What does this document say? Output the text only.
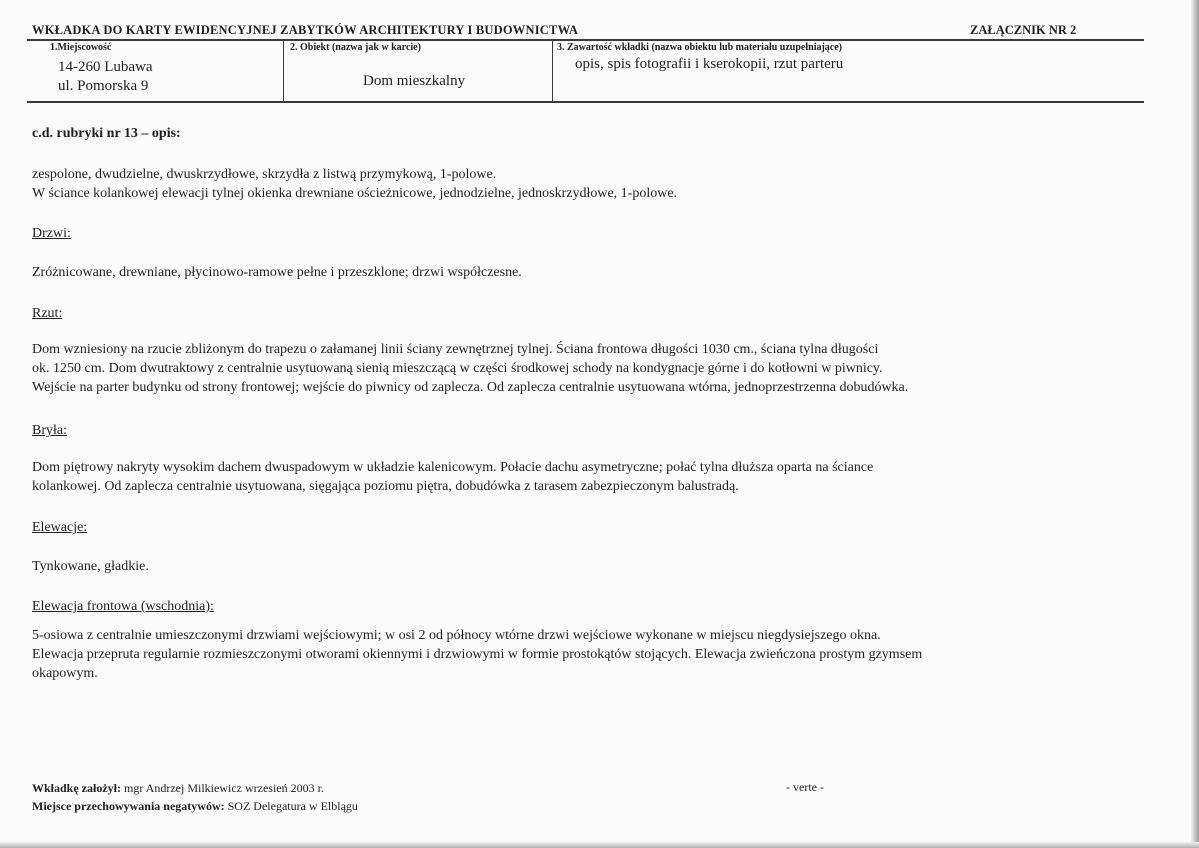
WKŁADKA DO KARTY EWIDENCYJNEJ ZABYTKÓW ARCHITEKTURY I BUDOWNICTWA	ZAŁĄCZNIK NR 2
1.Miejscowość
14-260 Lubawa
ul. Pomorska 9
2. Obiekt (nazwa jak w karcie)
Dom mieszkalny
3. Zawartość wkładki (nazwa obiektu lub materiału uzupełniające)
opis, spis fotografii i kserokopii, rzut parteru
c.d. rubryki nr 13 – opis:
zespolone, dwudzielne, dwuskrzydłowe, skrzydła z listwą przymykową, 1-polowe.
W ściance kolankowej elewacji tylnej okienka drewniane ościeżnicowe, jednodzielne, jednoskrzydłowe, 1-polowe.
Drzwi:
Zróżnicowane, drewniane, płycinowo-ramowe pełne i przeszklone; drzwi współczesne.
Rzut:
Dom wzniesiony na rzucie zbliżonym do trapezu o załamanej linii ściany zewnętrznej tylnej. Ściana frontowa długości 1030 cm., ściana tylna długości
ok. 1250 cm. Dom dwutraktowy z centralnie usytuowaną sienią mieszczącą w części środkowej schody na kondygnacje górne i do kotłowni w piwnicy.
Wejście na parter budynku od strony frontowej; wejście do piwnicy od zaplecza. Od zaplecza centralnie usytuowana wtórna, jednoprzestrzenna dobudówka.
Bryła:
Dom piętrowy nakryty wysokim dachem dwuspadowym w układzie kalenicowym. Połacie dachu asymetryczne; połać tylna dłuższa oparta na ściance
kolankowej. Od zaplecza centralnie usytuowana, sięgająca poziomu piętra, dobudówka z tarasem zabezpieczonym balustradą.
Elewacje:
Tynkowane, gładkie.
Elewacja frontowa (wschodnia):
5-osiowa z centralnie umieszczonymi drzwiami wejściowymi; w osi 2 od północy wtórne drzwi wejściowe wykonane w miejscu niegdysiejszego okna.
Elewacja przepruta regularnie rozmieszczonymi otworami okiennymi i drzwiowymi w formie prostokątów stojących. Elewacja zwieńczona prostym gzymsem
okapowym.
Wkładkę założył: mgr Andrzej Milkiewicz wrzesień 2003 r.
Miejsce przechowywania negatywów: SOZ Delegatura w Elblągu
- verte -
